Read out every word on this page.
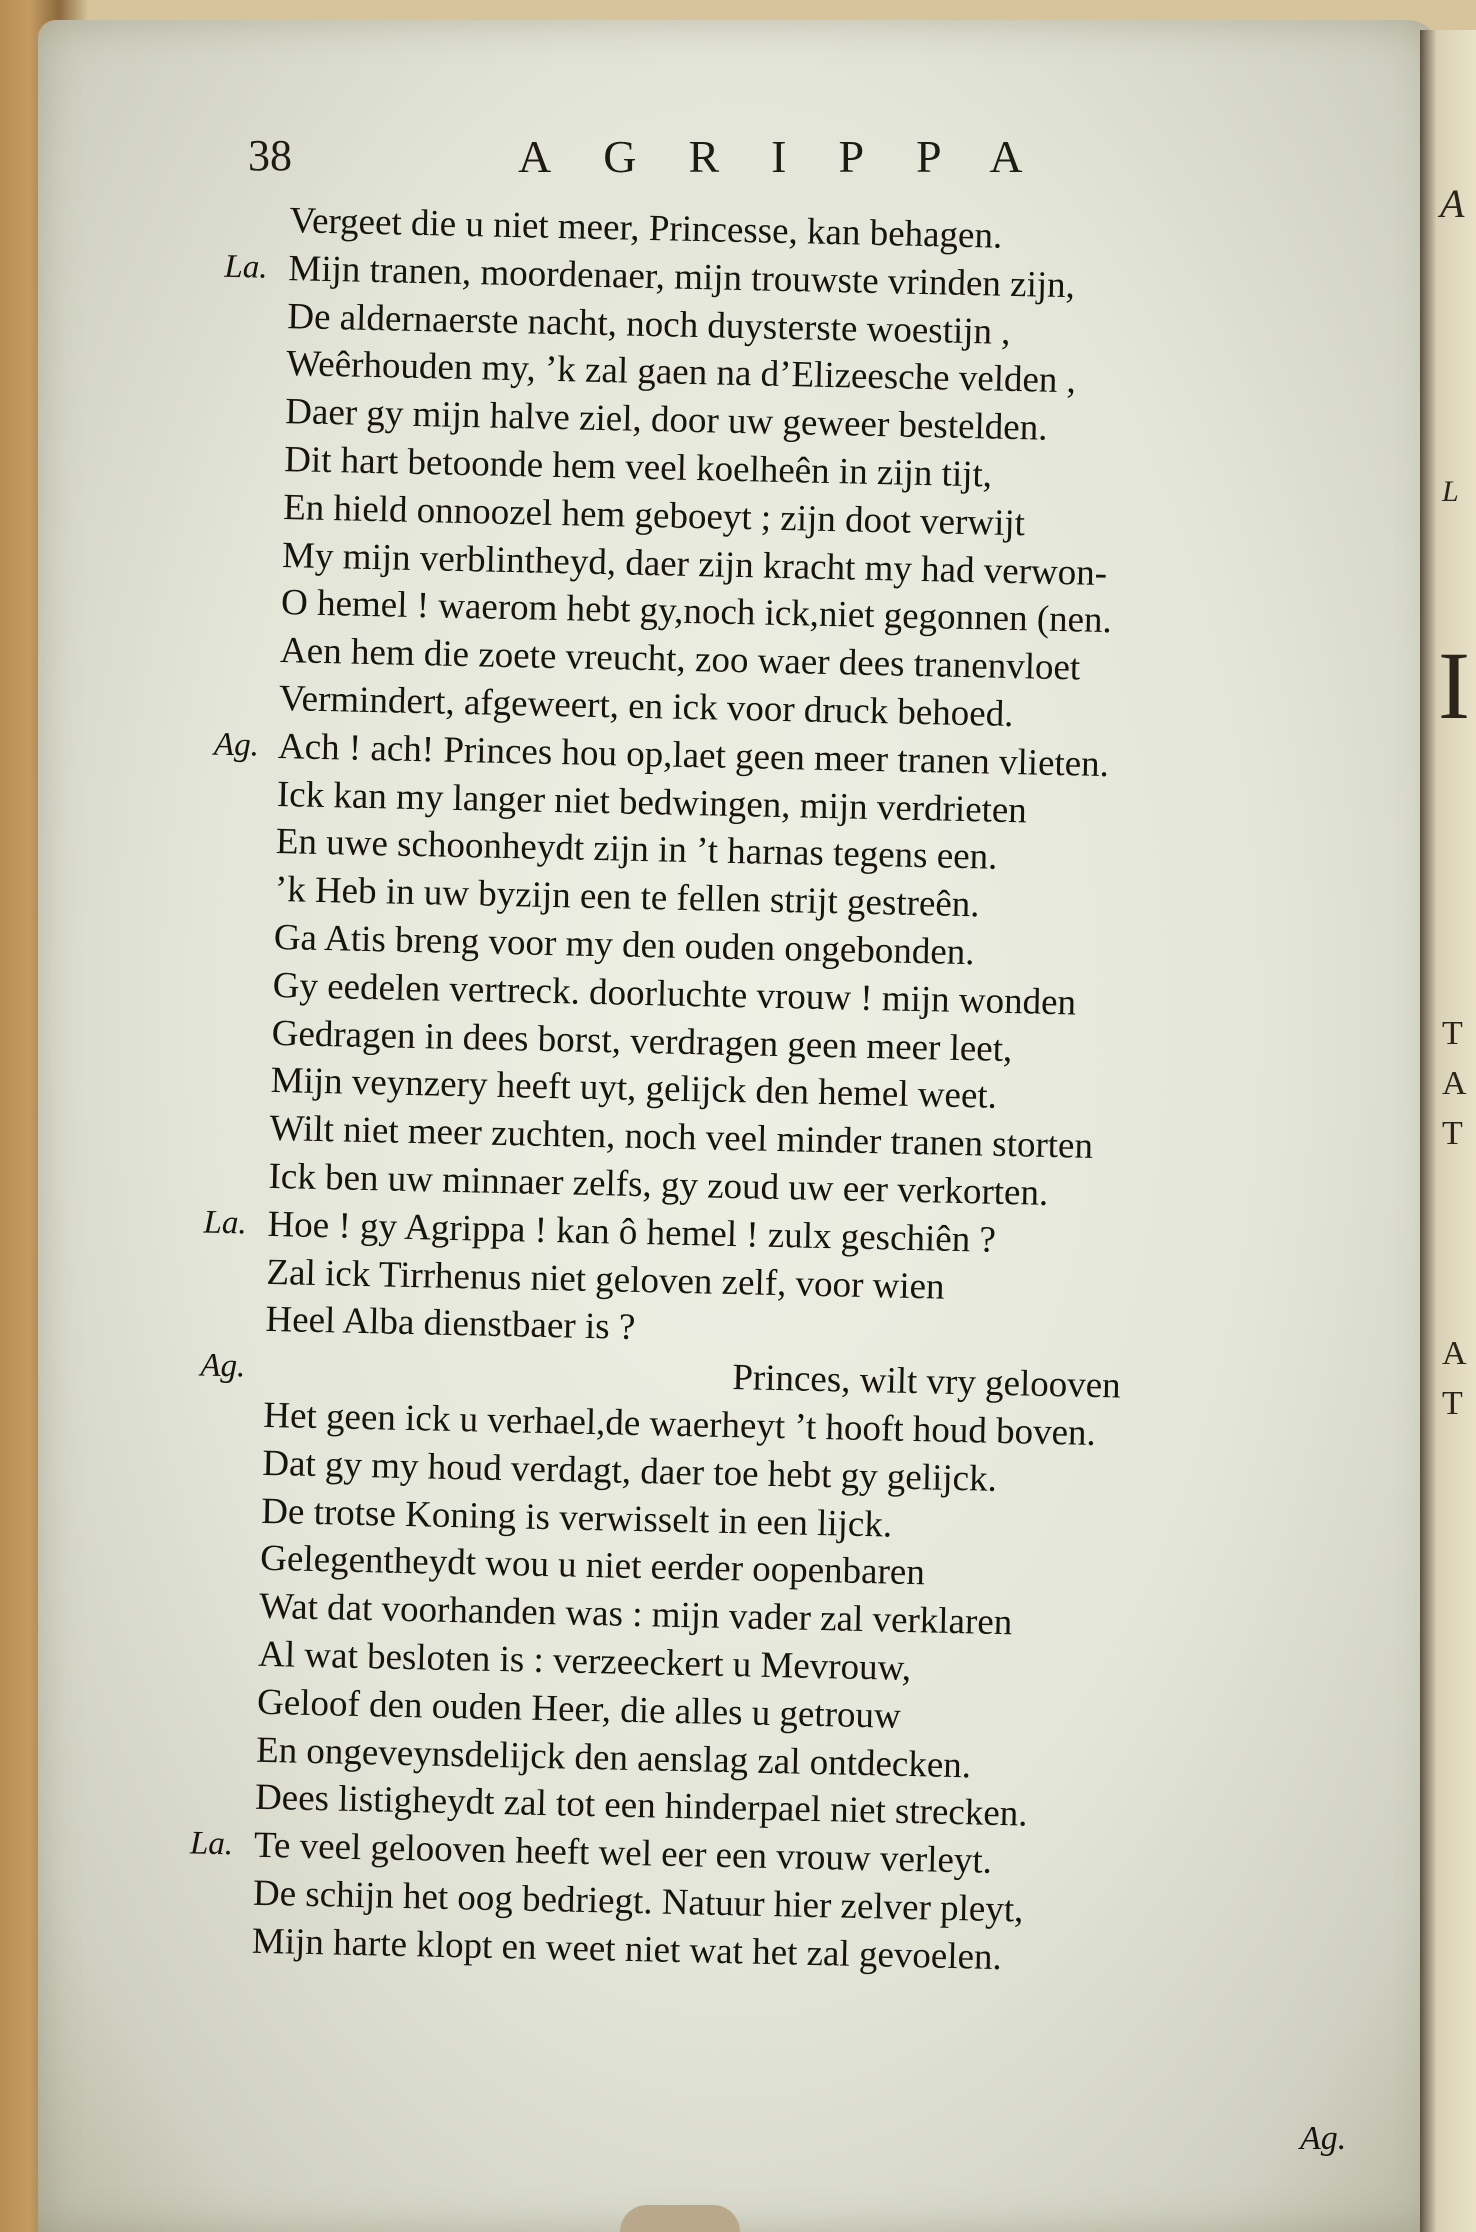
A
L
I
T
A
T
A
T
38	AGRIPPA
Vergeet die u niet meer, Princesse, kan behagen.
La. Mijn tranen, moordenaer, mijn trouwste vrinden zijn,
De aldernaerste nacht, noch duysterste woestijn ,
Weêrhouden my, ’k zal gaen na d’Elizeesche velden ,
Daer gy mijn halve ziel, door uw geweer bestelden.
Dit hart betoonde hem veel koelheên in zijn tijt,
En hield onnoozel hem geboeyt ; zijn doot verwijt
My mijn verblintheyd, daer zijn kracht my had verwon-
O hemel ! waerom hebt gy,noch ick,niet gegonnen (nen.
Aen hem die zoete vreucht, zoo waer dees tranenvloet
Vermindert, afgeweert, en ick voor druck behoed.
Ag. Ach ! ach! Princes hou op,laet geen meer tranen vlieten.
Ick kan my langer niet bedwingen, mijn verdrieten
En uwe schoonheydt zijn in ’t harnas tegens een.
’k Heb in uw byzijn een te fellen strijt gestreên.
Ga Atis breng voor my den ouden ongebonden.
Gy eedelen vertreck. doorluchte vrouw ! mijn wonden
Gedragen in dees borst, verdragen geen meer leet,
Mijn veynzery heeft uyt, gelijck den hemel weet.
Wilt niet meer zuchten, noch veel minder tranen storten
Ick ben uw minnaer zelfs, gy zoud uw eer verkorten.
La. Hoe ! gy Agrippa ! kan ô hemel ! zulx geschiên ?
Zal ick Tirrhenus niet geloven zelf, voor wien
Heel Alba dienstbaer is ?
Ag.	Princes, wilt vry gelooven
Het geen ick u verhael,de waerheyt ’t hooft houd boven.
Dat gy my houd verdagt, daer toe hebt gy gelijck.
De trotse Koning is verwisselt in een lijck.
Gelegentheydt wou u niet eerder oopenbaren
Wat dat voorhanden was : mijn vader zal verklaren
Al wat besloten is : verzeeckert u Mevrouw,
Geloof den ouden Heer, die alles u getrouw
En ongeveynsdelijck den aenslag zal ontdecken.
Dees listigheydt zal tot een hinderpael niet strecken.
La. Te veel gelooven heeft wel eer een vrouw verleyt.
De schijn het oog bedriegt. Natuur hier zelver pleyt,
Mijn harte klopt en weet niet wat het zal gevoelen.
Ag.
